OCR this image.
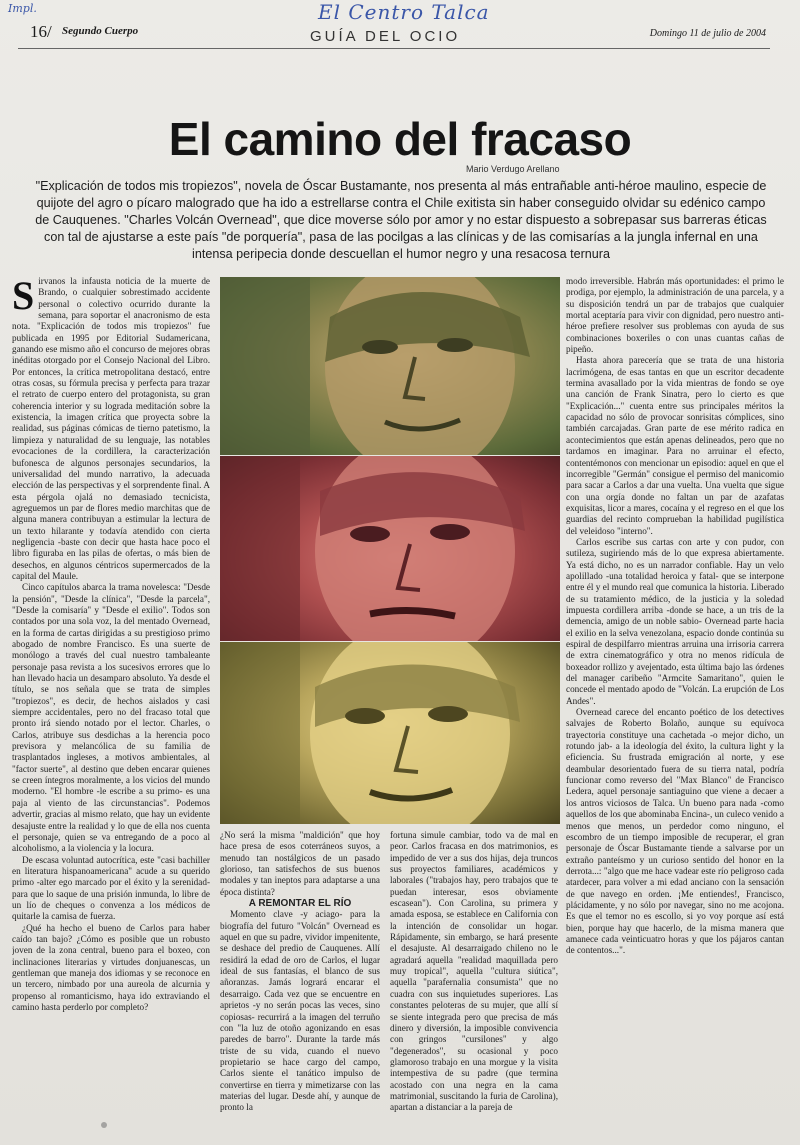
Impl.	El Centro Talca
16/ Segundo Cuerpo	GUÍA DEL OCIO	Domingo 11 de julio de 2004
El camino del fracaso
Mario Verdugo Arellano
"Explicación de todos mis tropiezos", novela de Óscar Bustamante, nos presenta al más entrañable anti-héroe maulino, especie de quijote del agro o pícaro malogrado que ha ido a estrellarse contra el Chile exitista sin haber conseguido olvidar su edénico campo de Cauquenes. "Charles Volcán Overnead", que dice moverse sólo por amor y no estar dispuesto a sobrepasar sus barreras éticas con tal de ajustarse a este país "de porquería", pasa de las pocilgas a las clínicas y de las comisarías a la jungla infernal en una intensa peripecia donde descuellan el humor negro y una resacosa ternura

Sirvanos la infausta noticia de la muerte de Brando, o cualquier sobrestimado accidente personal o colectivo ocurrido durante la semana, para soportar el anacronismo de esta nota. "Explicación de todos mis tropiezos" fue publicada en 1995 por Editorial Sudamericana, ganando ese mismo año el concurso de mejores obras inéditas otorgado por el Consejo Nacional del Libro. Por entonces, la crítica metropolitana destacó, entre otras cosas, su fórmula precisa y perfecta para trazar el retrato de cuerpo entero del protagonista, su gran coherencia interior y su lograda meditación sobre la existencia, la imagen crítica que proyecta sobre la realidad, sus páginas cómicas de tierno patetismo, la limpieza y naturalidad de su lenguaje, las notables evocaciones de la cordillera, la caracterización bufonesca de algunos personajes secundarios, la universalidad del mundo narrativo, la adecuada elección de las perspectivas y el sorprendente final. A esta pérgola ojalá no demasiado tecnicista, agreguemos un par de flores medio marchitas que de alguna manera contribuyan a estimular la lectura de un texto hilarante y todavía atendido con cierta negligencia -baste con decir que hasta hace poco el libro figuraba en las pilas de ofertas, o más bien de desechos, en algunos céntricos supermercados de la capital del Maule.

Cinco capítulos abarca la trama novelesca: "Desde la pensión", "Desde la clínica", "Desde la parcela", "Desde la comisaría" y "Desde el exilio". Todos son contados por una sola voz, la del mentado Overnead, en la forma de cartas dirigidas a su prestigioso primo abogado de nombre Francisco. Es una suerte de monólogo a través del cual nuestro tambaleante personaje pasa revista a los sucesivos errores que lo han llevado hacia un desamparo absoluto. Ya desde el título, se nos señala que se trata de simples "tropiezos", es decir, de hechos aislados y casi siempre accidentales, pero no del fracaso total que pronto irá siendo notado por el lector. Charles, o Carlos, atribuye sus desdichas a la herencia poco previsora y melancólica de su familia de trasplantados ingleses, a motivos ambientales, al "factor suerte", al destino que deben encarar quienes se creen íntegros moralmente, a los vicios del mundo moderno. "El hombre -le escribe a su primo- es una paja al viento de las circunstancias". Podemos advertir, gracias al mismo relato, que hay un evidente desajuste entre la realidad y lo que de ella nos cuenta el personaje, quien se va entregando de a poco al alcoholismo, a la violencia y la locura.

De escasa voluntad autocrítica, este "casi bachiller en literatura hispanoamericana" acude a su querido primo -alter ego marcado por el éxito y la serenidad- para que lo saque de una prisión inmunda, lo libre de un lío de cheques o convenza a los médicos de quitarle la camisa de fuerza.

¿Qué ha hecho el bueno de Carlos para haber caído tan bajo? ¿Cómo es posible que un robusto joven de la zona central, bueno para el boxeo, con inclinaciones literarias y virtudes donjuanescas, un gentleman que maneja dos idiomas y se reconoce en un tercero, nimbado por una aureola de alcurnia y propenso al romanticismo, haya ido extraviando el camino hasta perderlo por completo?

¿No será la misma "maldición" que hoy hace presa de esos coterráneos suyos, a menudo tan nostálgicos de un pasado glorioso, tan satisfechos de sus buenos modales y tan ineptos para adaptarse a una época distinta?

A REMONTAR EL RÍO

Momento clave -y aciago- para la biografía del futuro "Volcán" Overnead es aquel en que su padre, vividor impenitente, se deshace del predio de Cauquenes. Allí residirá la edad de oro de Carlos, el lugar ideal de sus fantasías, el blanco de sus añoranzas. Jamás logrará encarar el desarraigo. Cada vez que se encuentre en aprietos -y no serán pocas las veces, sino copiosas- recurrirá a la imagen del terruño con "la luz de otoño agonizando en esas paredes de barro". Durante la tarde más triste de su vida, cuando el nuevo propietario se hace cargo del campo, Carlos siente el tanático impulso de convertirse en tierra y mimetizarse con las materias del lugar. Desde ahí, y aunque de pronto la

fortuna simule cambiar, todo va de mal en peor. Carlos fracasa en dos matrimonios, es impedido de ver a sus dos hijas, deja truncos sus proyectos familiares, académicos y laborales ("trabajos hay, pero trabajos que te puedan interesar, esos obviamente escasean"). Con Carolina, su primera y amada esposa, se establece en California con la intención de consolidar un hogar. Rápidamente, sin embargo, se hará presente el desajuste. Al desarraigado chileno no le agradará aquella "realidad maquillada pero muy tropical", aquella "cultura siútica", aquella "parafernalia consumista" que no cuadra con sus inquietudes superiores. Las constantes peloteras de su mujer, que allí sí se siente integrada pero que precisa de más dinero y diversión, la imposible convivencia con gringos "cursilones" y algo "degenerados", su ocasional y poco glamoroso trabajo en una morgue y la visita intempestiva de su padre (que termina acostado con una negra en la cama matrimonial, suscitando la furia de Carolina), apartan a distanciar a la pareja de

modo irreversible. Habrán más oportunidades: el primo le prodiga, por ejemplo, la administración de una parcela, y a su disposición tendrá un par de trabajos que cualquier mortal aceptaría para vivir con dignidad, pero nuestro anti-héroe prefiere resolver sus problemas con ayuda de sus combinaciones boxeriles o con unas cuantas cañas de pipeño.

Hasta ahora parecería que se trata de una historia lacrimógena, de esas tantas en que un escritor decadente termina avasallado por la vida mientras de fondo se oye una canción de Frank Sinatra, pero lo cierto es que "Explicación..." cuenta entre sus principales méritos la capacidad no sólo de provocar sonrisitas cómplices, sino también carcajadas. Gran parte de ese mérito radica en acontecimientos que están apenas delineados, pero que no tardamos en imaginar. Para no arruinar el efecto, contentémonos con mencionar un episodio: aquel en que el incorregible "Germán" consigue el permiso del manicomio para sacar a Carlos a dar una vuelta. Una vuelta que sigue con una orgía donde no faltan un par de azafatas exquisitas, licor a mares, cocaína y el regreso en el que los guardias del recinto comprueban la habilidad pugilística del veleidoso "interno".

Carlos escribe sus cartas con arte y con pudor, con sutileza, sugiriendo más de lo que expresa abiertamente. Ya está dicho, no es un narrador confiable. Hay un velo apolillado -una totalidad heroica y fatal- que se interpone entre él y el mundo real que comunica la historia. Liberado de su tratamiento médico, de la justicia y la soledad impuesta cordillera arriba -donde se hace, a un tris de la demencia, amigo de un noble sabio- Overnead parte hacia el exilio en la selva venezolana, espacio donde continúa su espiral de despilfarro mientras arruina una irrisoria carrera de extra cinematográfico y otra no menos ridícula de boxeador rollizo y avejentado, esta última bajo las órdenes del manager caribeño "Armcite Samaritano", quien le concede el mentado apodo de "Volcán. La erupción de Los Andes".

Overnead carece del encanto poético de los detectives salvajes de Roberto Bolaño, aunque su equívoca trayectoria constituye una cachetada -o mejor dicho, un rotundo jab- a la ideología del éxito, la cultura light y la eficiencia. Su frustrada emigración al norte, y ese deambular desorientado fuera de su tierra natal, podría funcionar como reverso del "Max Blanco" de Francisco Ledera, aquel personaje santiaguino que viene a decaer a los antros viciosos de Talca. Un bueno para nada -como aquellos de los que abominaba Encina-, un culeco venido a menos que menos, un perdedor como ninguno, el escombro de un tiempo imposible de recuperar, el gran personaje de Óscar Bustamante tiende a salvarse por un extraño panteísmo y un curioso sentido del honor en la derrota...: "algo que me hace vadear este río peligroso cada atardecer, para volver a mi edad anciano con la sensación de que navego en orden. ¡Me entiendes!, Francisco, plácidamente, y no sólo por navegar, sino no me acojona. Es que el temor no es escollo, si yo voy porque así está bien, porque hay que hacerlo, de la misma manera que amanece cada veinticuatro horas y que los pájaros cantan de contentos...".
